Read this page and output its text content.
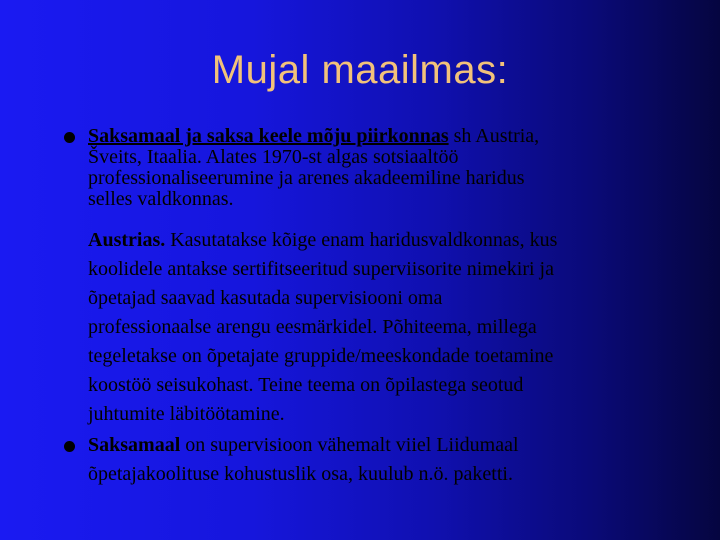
Mujal maailmas:
Saksamaal ja saksa keele mõju piirkonnas sh Austria,
Šveits, Itaalia. Alates 1970-st algas sotsiaaltöö
professionaliseerumine ja arenes akadeemiline haridus
selles valdkonnas.
Austrias. Kasutatakse kõige enam haridusvaldkonnas, kus
koolidele antakse sertifitseeritud superviisorite nimekiri ja
õpetajad saavad kasutada supervisiooni oma
professionaalse arengu eesmärkidel. Põhiteema, millega
tegeletakse on õpetajate gruppide/meeskondade toetamine
koostöö seisukohast. Teine teema on õpilastega seotud
juhtumite läbitöötamine.
Saksamaal on supervisioon vähemalt viiel Liidumaal
õpetajakoolituse kohustuslik osa, kuulub n.ö. paketti.
